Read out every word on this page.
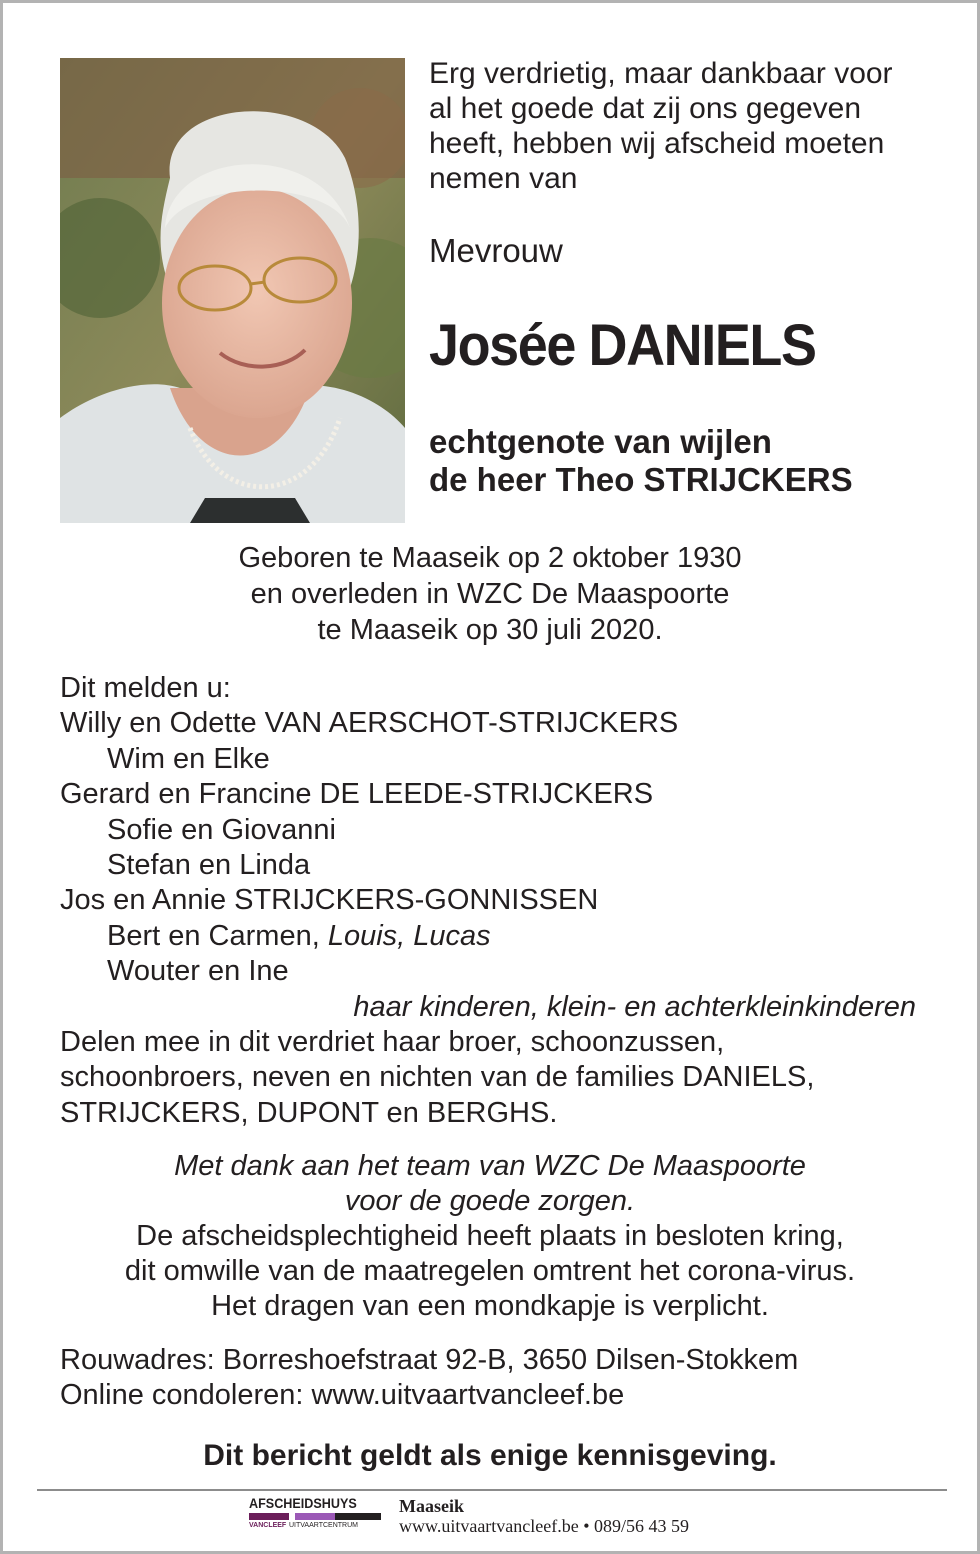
Erg verdrietig, maar dankbaar voor

al het goede dat zij ons gegeven

heeft, hebben wij afscheid moeten

nemen van

Mevrouw
Josée DANIELS
echtgenote van wijlen
de heer Theo STRIJCKERS
Geboren te Maaseik op 2 oktober 1930
en overleden in WZC De Maaspoorte
te Maaseik op 30 juli 2020.
Dit melden u:
Willy en Odette VAN AERSCHOT-STRIJCKERS
Wim en Elke
Gerard en Francine DE LEEDE-STRIJCKERS
Sofie en Giovanni
Stefan en Linda
Jos en Annie STRIJCKERS-GONNISSEN
Bert en Carmen, Louis, Lucas
Wouter en Ine
haar kinderen, klein- en achterkleinkinderen
Delen mee in dit verdriet haar broer, schoonzussen,
schoonbroers, neven en nichten van de families DANIELS,
STRIJCKERS, DUPONT en BERGHS.
Met dank aan het team van WZC De Maaspoorte
voor de goede zorgen.
De afscheidsplechtigheid heeft plaats in besloten kring,
dit omwille van de maatregelen omtrent het corona-virus.
Het dragen van een mondkapje is verplicht.
Rouwadres: Borreshoefstraat 92-B, 3650 Dilsen-Stokkem
Online condoleren: www.uitvaartvancleef.be
Dit bericht geldt als enige kennisgeving.
AFSCHEIDSHUYS
VANCLEEF UITVAARTCENTRUM
Maaseik
www.uitvaartvancleef.be • 089/56 43 59
